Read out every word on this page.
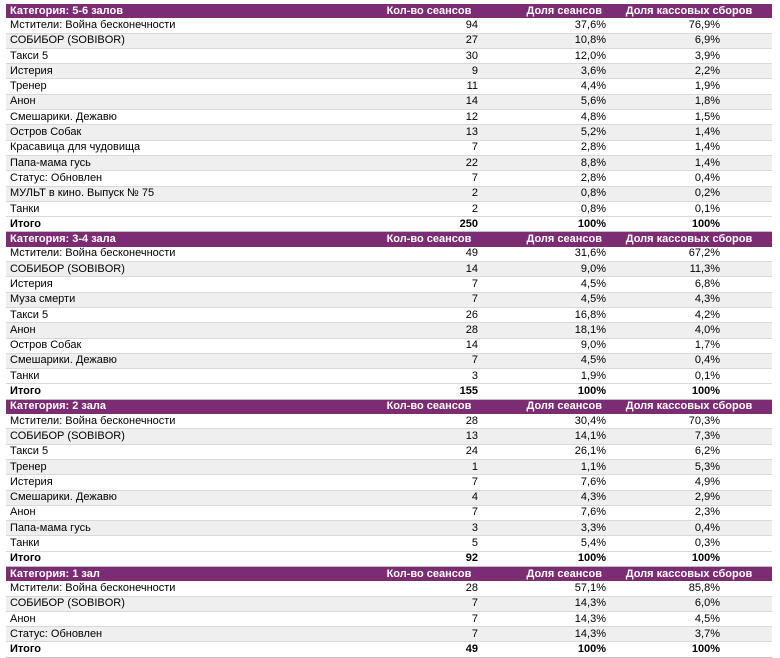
Категория: 5-6 залов	Кол-во сеансов	Доля сеансов	Доля кассовых сборов
Мстители: Война бесконечности	94	37,6%	76,9%
СОБИБОР (SOBIBOR)	27	10,8%	6,9%
Такси 5	30	12,0%	3,9%
Истерия	9	3,6%	2,2%
Тренер	11	4,4%	1,9%
Анон	14	5,6%	1,8%
Смешарики. Дежавю	12	4,8%	1,5%
Остров Собак	13	5,2%	1,4%
Красавица для чудовища	7	2,8%	1,4%
Папа-мама гусь	22	8,8%	1,4%
Статус: Обновлен	7	2,8%	0,4%
МУЛЬТ в кино. Выпуск № 75	2	0,8%	0,2%
Танки	2	0,8%	0,1%
Итого	250	100%	100%
Категория: 3-4 зала	Кол-во сеансов	Доля сеансов	Доля кассовых сборов
Мстители: Война бесконечности	49	31,6%	67,2%
СОБИБОР (SOBIBOR)	14	9,0%	11,3%
Истерия	7	4,5%	6,8%
Муза смерти	7	4,5%	4,3%
Такси 5	26	16,8%	4,2%
Анон	28	18,1%	4,0%
Остров Собак	14	9,0%	1,7%
Смешарики. Дежавю	7	4,5%	0,4%
Танки	3	1,9%	0,1%
Итого	155	100%	100%
Категория: 2 зала	Кол-во сеансов	Доля сеансов	Доля кассовых сборов
Мстители: Война бесконечности	28	30,4%	70,3%
СОБИБОР (SOBIBOR)	13	14,1%	7,3%
Такси 5	24	26,1%	6,2%
Тренер	1	1,1%	5,3%
Истерия	7	7,6%	4,9%
Смешарики. Дежавю	4	4,3%	2,9%
Анон	7	7,6%	2,3%
Папа-мама гусь	3	3,3%	0,4%
Танки	5	5,4%	0,3%
Итого	92	100%	100%
Категория: 1 зал	Кол-во сеансов	Доля сеансов	Доля кассовых сборов
Мстители: Война бесконечности	28	57,1%	85,8%
СОБИБОР (SOBIBOR)	7	14,3%	6,0%
Анон	7	14,3%	4,5%
Статус: Обновлен	7	14,3%	3,7%
Итого	49	100%	100%
